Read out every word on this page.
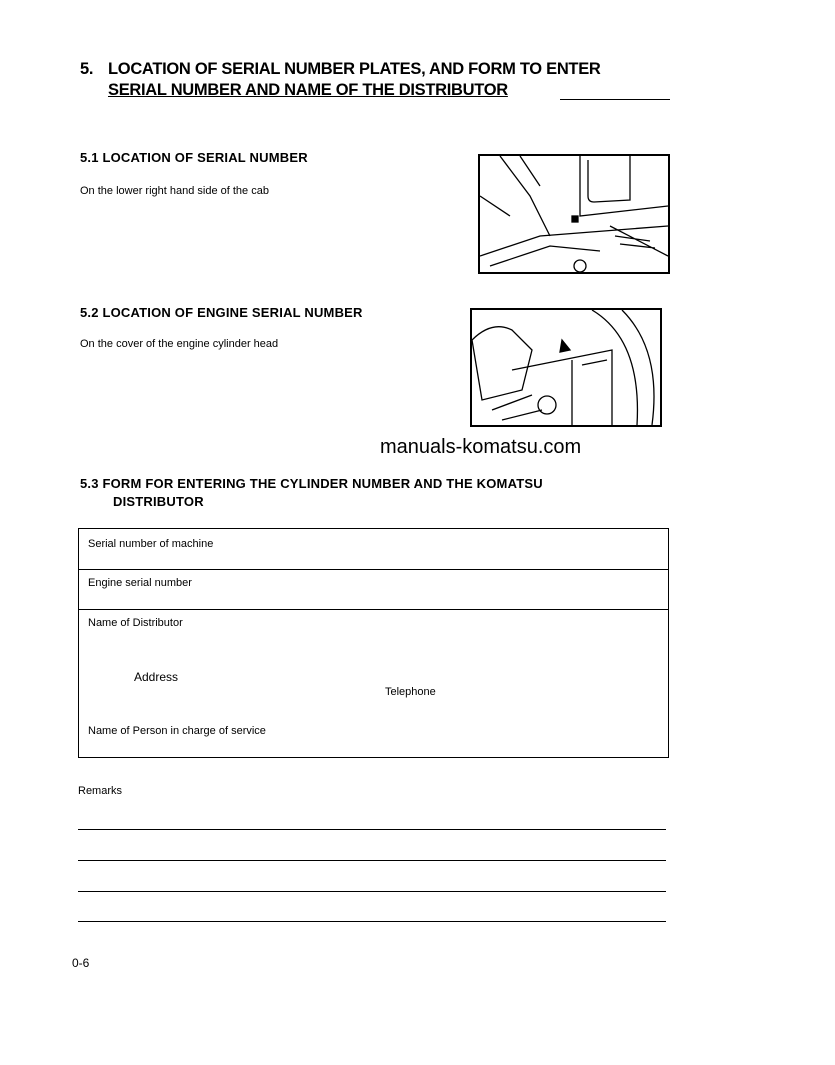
5. LOCATION OF SERIAL NUMBER PLATES, AND FORM TO ENTER
SERIAL NUMBER AND NAME OF THE DISTRIBUTOR
5.1 LOCATION OF SERIAL NUMBER
On the lower right hand side of the cab
5.2 LOCATION OF ENGINE SERIAL NUMBER
On the cover of the engine cylinder head
manuals-komatsu.com
5.3 FORM FOR ENTERING THE CYLINDER NUMBER AND THE KOMATSU
DISTRIBUTOR
Serial number of machine
Engine serial number
Name of Distributor
Address
Telephone
Name of Person in charge of service
Remarks
0-6
